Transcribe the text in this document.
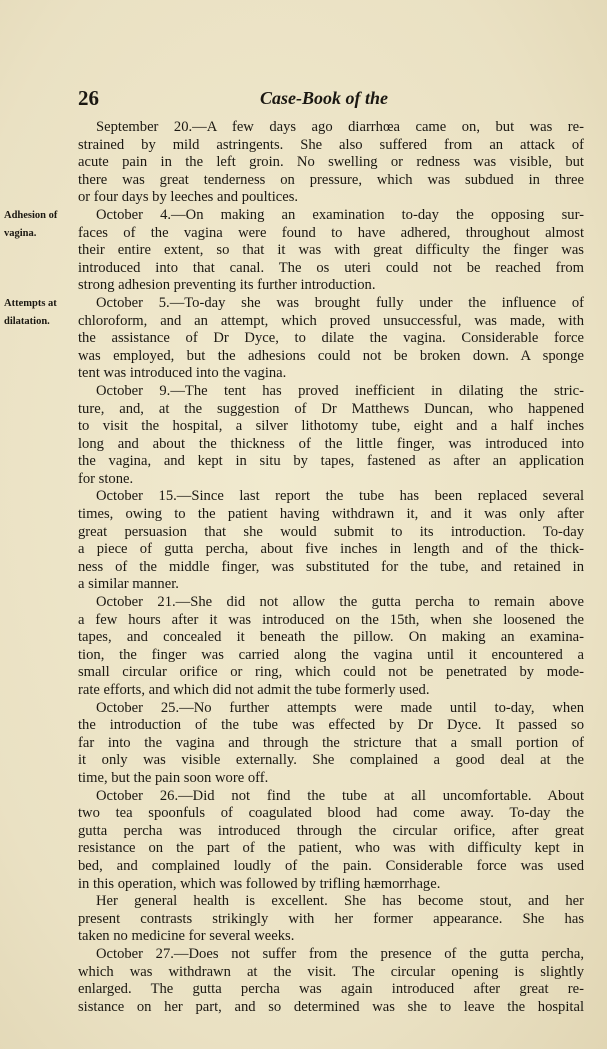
26	Case-Book of the
Adhesion of
vagina.
Attempts at
dilatation.
September 20.—A few days ago diarrhœa came on, but was re-
strained by mild astringents. She also suffered from an attack of
acute pain in the left groin. No swelling or redness was visible, but
there was great tenderness on pressure, which was subdued in three
or four days by leeches and poultices.
October 4.—On making an examination to-day the opposing sur-
faces of the vagina were found to have adhered, throughout almost
their entire extent, so that it was with great difficulty the finger was
introduced into that canal. The os uteri could not be reached from
strong adhesion preventing its further introduction.
October 5.—To-day she was brought fully under the influence of
chloroform, and an attempt, which proved unsuccessful, was made, with
the assistance of Dr Dyce, to dilate the vagina. Considerable force
was employed, but the adhesions could not be broken down. A sponge
tent was introduced into the vagina.
October 9.—The tent has proved inefficient in dilating the stric-
ture, and, at the suggestion of Dr Matthews Duncan, who happened
to visit the hospital, a silver lithotomy tube, eight and a half inches
long and about the thickness of the little finger, was introduced into
the vagina, and kept in situ by tapes, fastened as after an application
for stone.
October 15.—Since last report the tube has been replaced several
times, owing to the patient having withdrawn it, and it was only after
great persuasion that she would submit to its introduction. To-day
a piece of gutta percha, about five inches in length and of the thick-
ness of the middle finger, was substituted for the tube, and retained in
a similar manner.
October 21.—She did not allow the gutta percha to remain above
a few hours after it was introduced on the 15th, when she loosened the
tapes, and concealed it beneath the pillow. On making an examina-
tion, the finger was carried along the vagina until it encountered a
small circular orifice or ring, which could not be penetrated by mode-
rate efforts, and which did not admit the tube formerly used.
October 25.—No further attempts were made until to-day, when
the introduction of the tube was effected by Dr Dyce. It passed so
far into the vagina and through the stricture that a small portion of
it only was visible externally. She complained a good deal at the
time, but the pain soon wore off.
October 26.—Did not find the tube at all uncomfortable. About
two tea spoonfuls of coagulated blood had come away. To-day the
gutta percha was introduced through the circular orifice, after great
resistance on the part of the patient, who was with difficulty kept in
bed, and complained loudly of the pain. Considerable force was used
in this operation, which was followed by trifling hæmorrhage.
Her general health is excellent. She has become stout, and her
present contrasts strikingly with her former appearance. She has
taken no medicine for several weeks.
October 27.—Does not suffer from the presence of the gutta percha,
which was withdrawn at the visit. The circular opening is slightly
enlarged. The gutta percha was again introduced after great re-
sistance on her part, and so determined was she to leave the hospital
